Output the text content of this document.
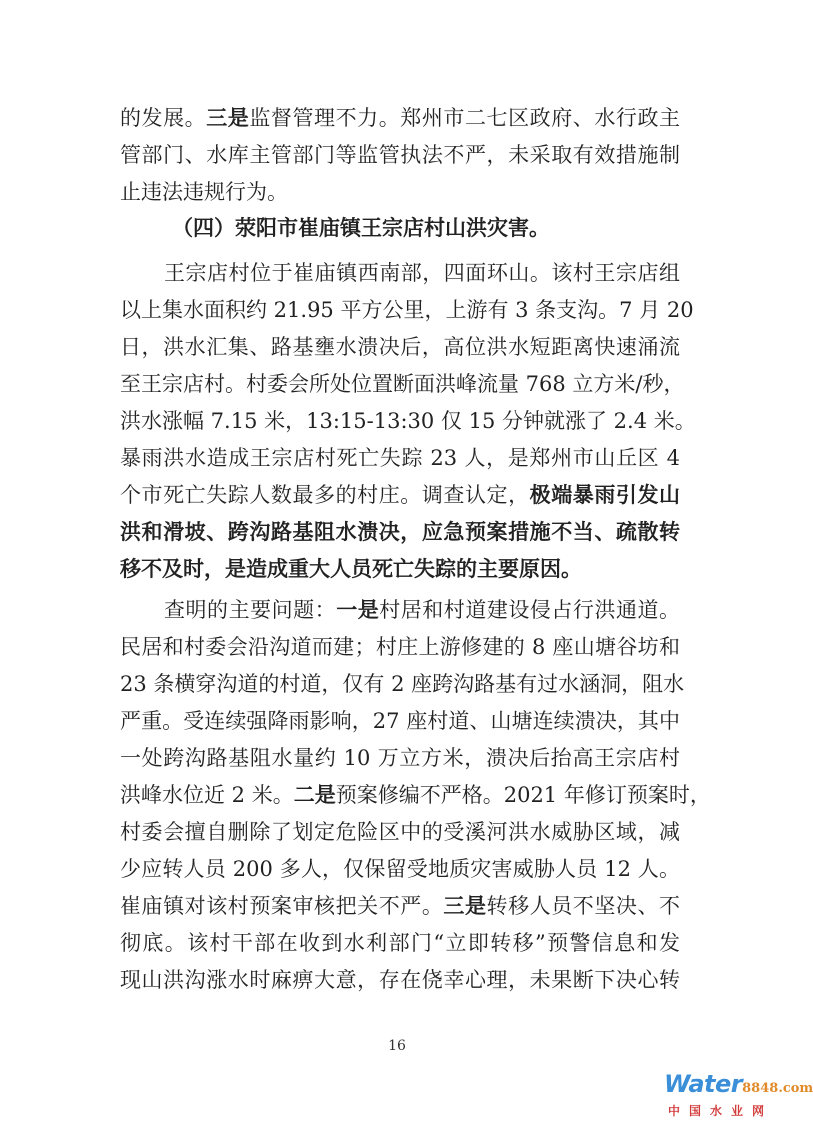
的发展。三是监督管理不力。郑州市二七区政府、水行政主
管部门、水库主管部门等监管执法不严，未采取有效措施制
止违法违规行为。
（四）荥阳市崔庙镇王宗店村山洪灾害。
王宗店村位于崔庙镇西南部，四面环山。该村王宗店组
以上集水面积约 21.95 平方公里，上游有 3 条支沟。7 月 20
日，洪水汇集、路基壅水溃决后，高位洪水短距离快速涌流
至王宗店村。村委会所处位置断面洪峰流量 768 立方米/秒，
洪水涨幅 7.15 米，13:15-13:30 仅 15 分钟就涨了 2.4 米。
暴雨洪水造成王宗店村死亡失踪 23 人，是郑州市山丘区 4
个市死亡失踪人数最多的村庄。调查认定，极端暴雨引发山
洪和滑坡、跨沟路基阻水溃决，应急预案措施不当、疏散转
移不及时，是造成重大人员死亡失踪的主要原因。
查明的主要问题：一是村居和村道建设侵占行洪通道。
民居和村委会沿沟道而建；村庄上游修建的 8 座山塘谷坊和
23 条横穿沟道的村道，仅有 2 座跨沟路基有过水涵洞，阻水
严重。受连续强降雨影响，27 座村道、山塘连续溃决，其中
一处跨沟路基阻水量约 10 万立方米，溃决后抬高王宗店村
洪峰水位近 2 米。二是预案修编不严格。2021 年修订预案时，
村委会擅自删除了划定危险区中的受溪河洪水威胁区域，减
少应转人员 200 多人，仅保留受地质灾害威胁人员 12 人。
崔庙镇对该村预案审核把关不严。三是转移人员不坚决、不
彻底。该村干部在收到水利部门“立即转移”预警信息和发
现山洪沟涨水时麻痹大意，存在侥幸心理，未果断下决心转
16
Water8848.com
中国水业网
